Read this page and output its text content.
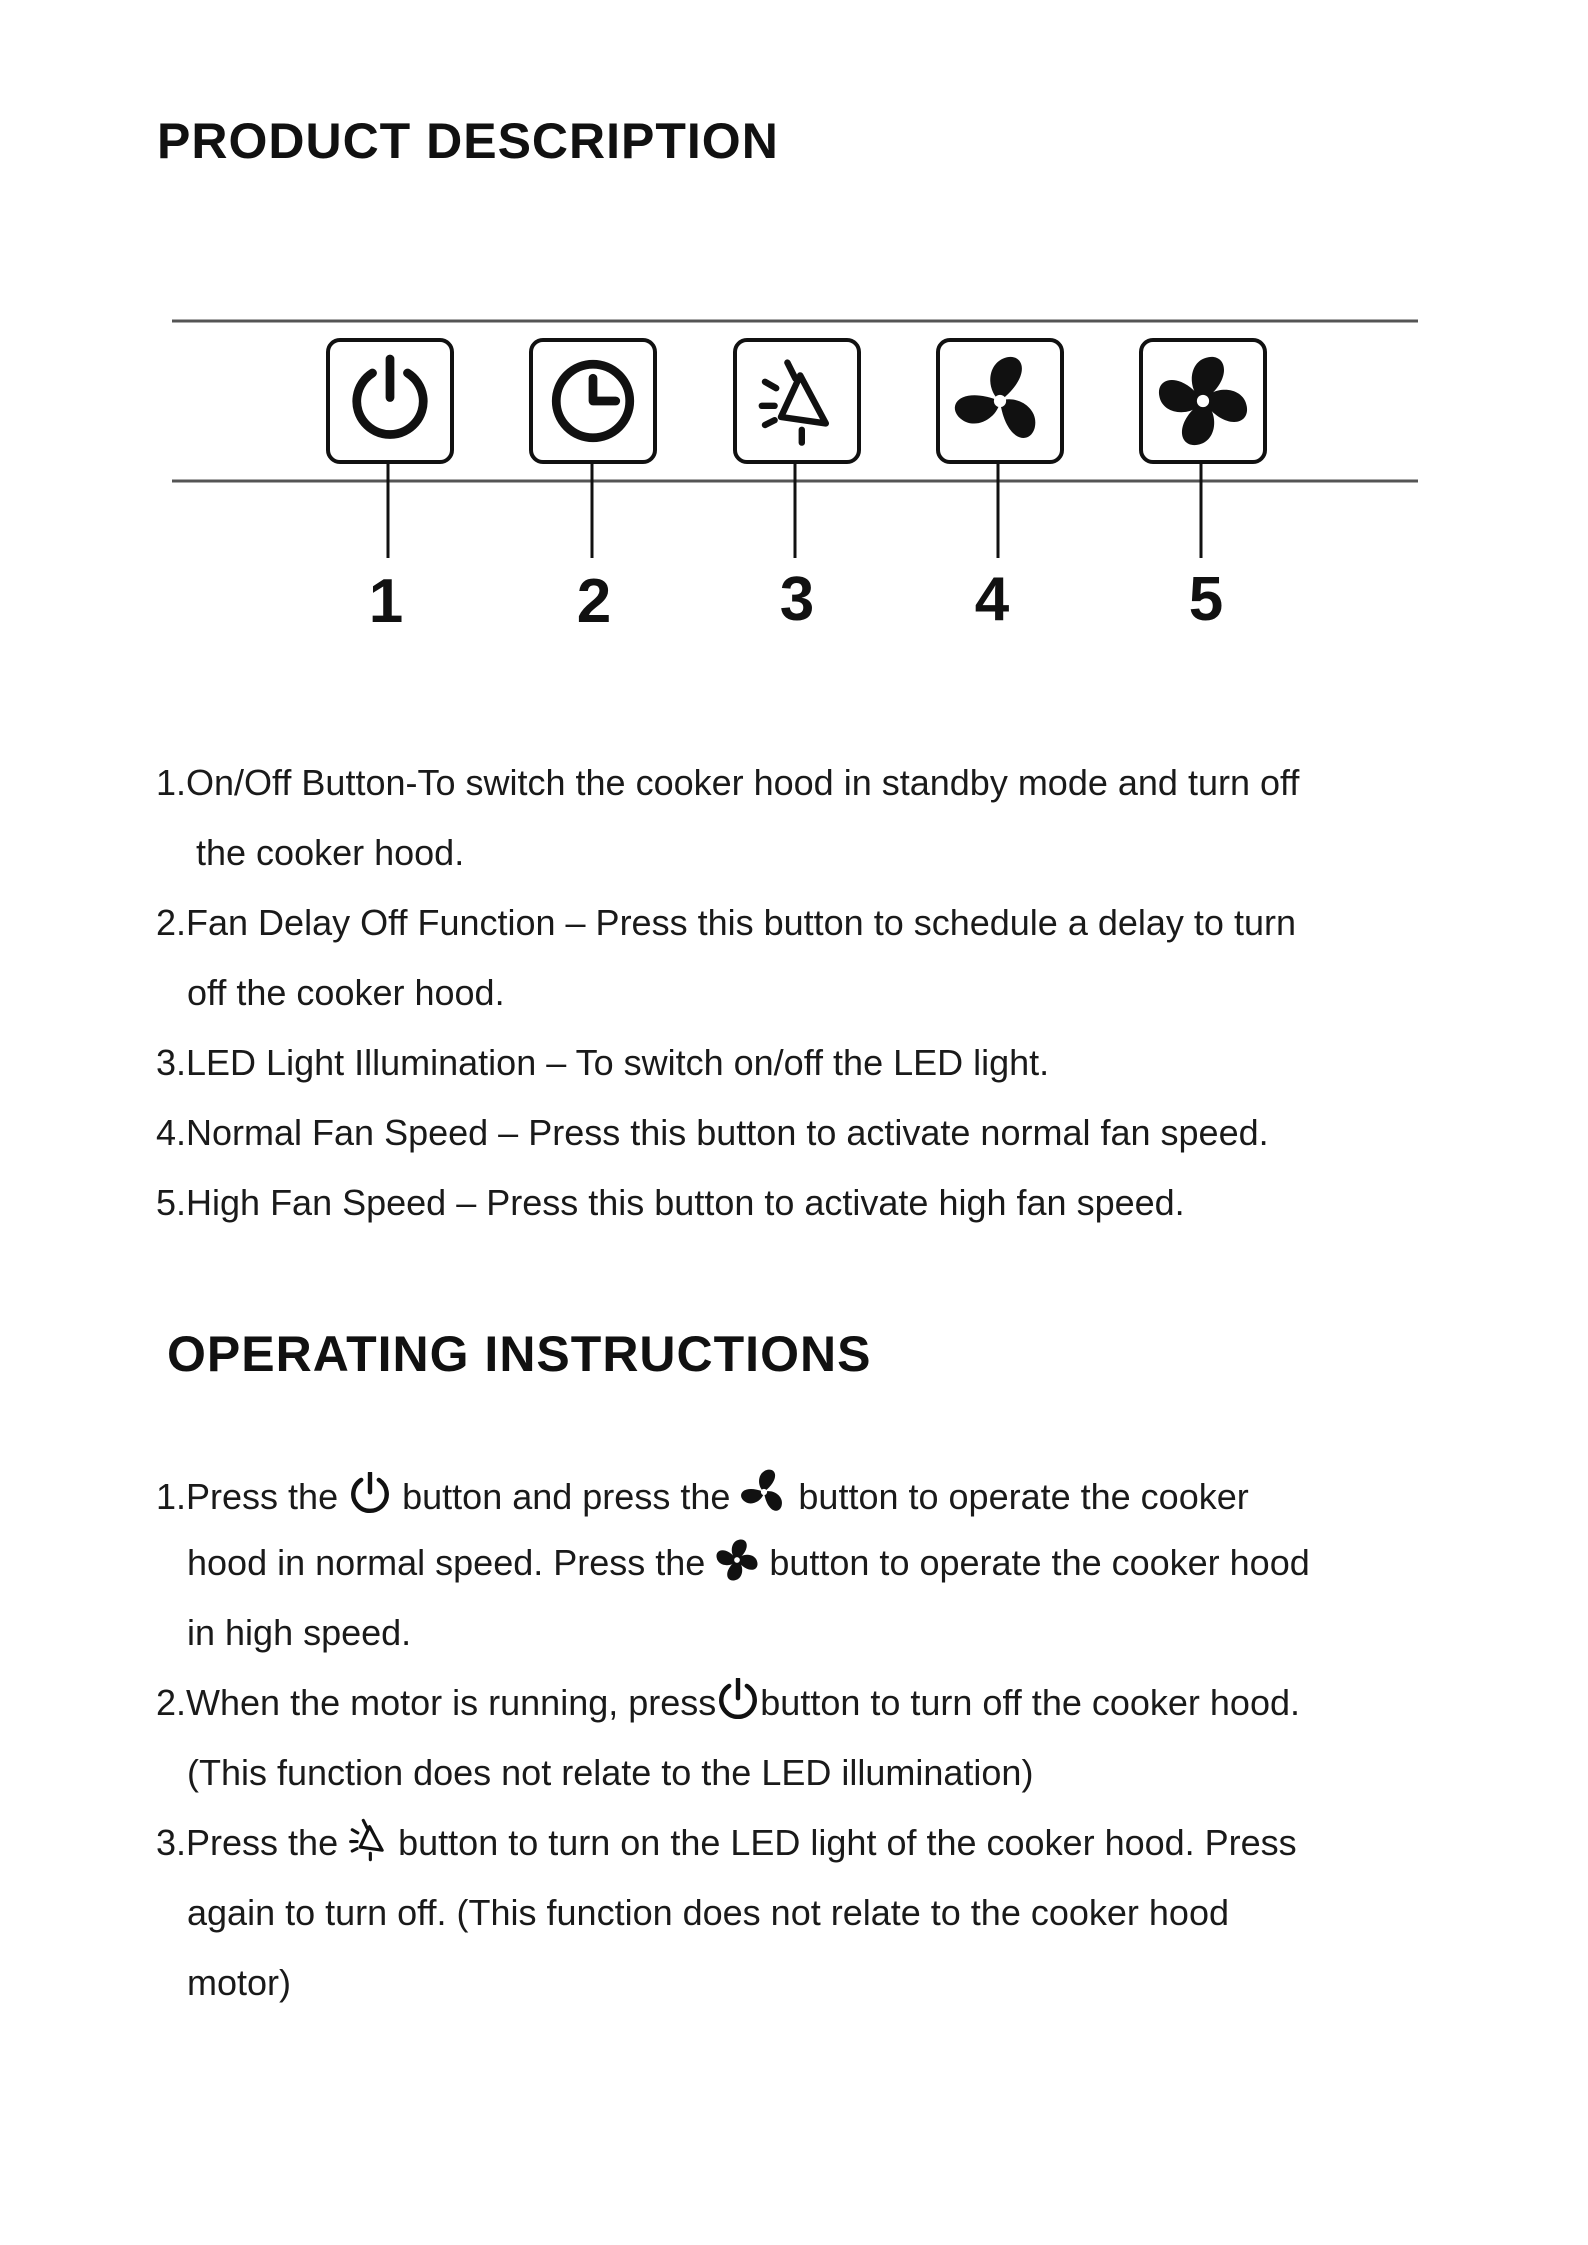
PRODUCT DESCRIPTION
1	2	3	4	5
1.On/Off Button-To switch the cooker hood in standby mode and turn off
the cooker hood.
2.Fan Delay Off Function – Press this button to schedule a delay to turn
off the cooker hood.
3.LED Light Illumination – To switch on/off the LED light.
4.Normal Fan Speed – Press this button to activate normal fan speed.
5.High Fan Speed – Press this button to activate high fan speed.
OPERATING INSTRUCTIONS
1.Press the button and press the button to operate the cooker
hood in normal speed. Press the button to operate the cooker hood
in high speed.
2.When the motor is running, press button to turn off the cooker hood.
(This function does not relate to the LED illumination)
3.Press the button to turn on the LED light of the cooker hood. Press
again to turn off. (This function does not relate to the cooker hood
motor)
